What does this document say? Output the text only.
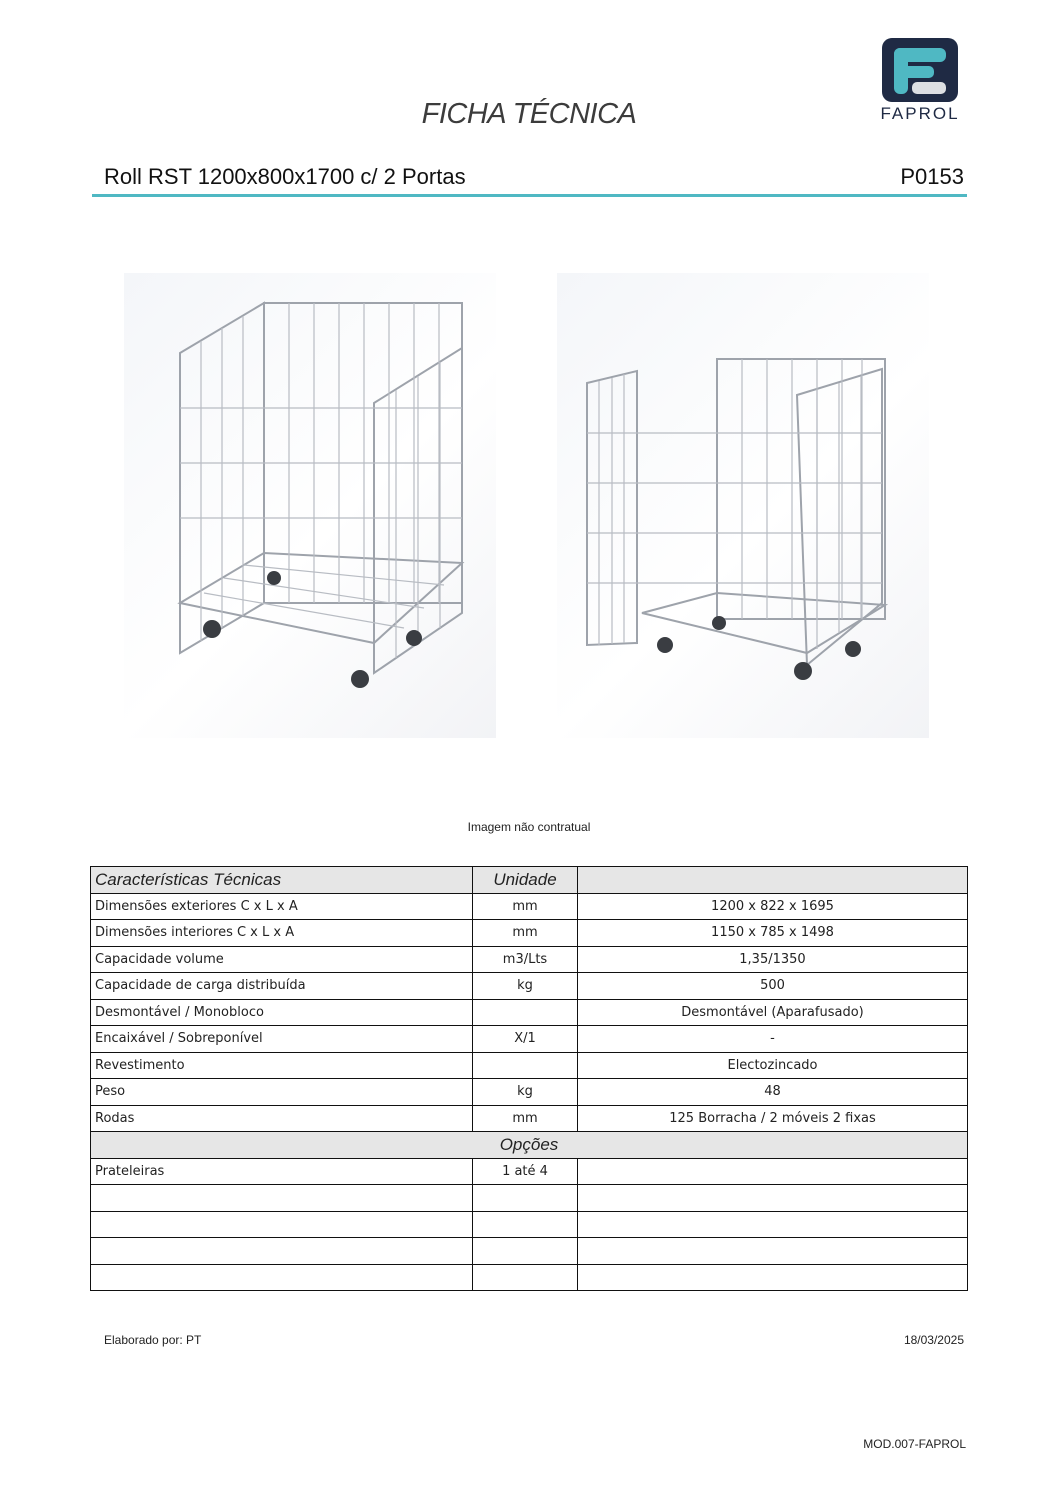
FAPROL
FICHA TÉCNICA
Roll RST 1200x800x1700 c/ 2 Portas	P0153
Imagem não contratual
Características Técnicas	Unidade	
Dimensões exteriores C x L x A	mm	1200 x 822 x 1695
Dimensões interiores C x L x A	mm	1150 x 785 x 1498
Capacidade volume	m3/Lts	1,35/1350
Capacidade de carga distribuída	kg	500
Desmontável / Monobloco		Desmontável (Aparafusado)
Encaixável / Sobreponível	X/1	-
Revestimento		Electozincado
Peso	kg	48
Rodas	mm	125 Borracha / 2 móveis 2 fixas
Opções		
Prateleiras	1 até 4	

Elaborado por: PT	18/03/2025
MOD.007-FAPROL
